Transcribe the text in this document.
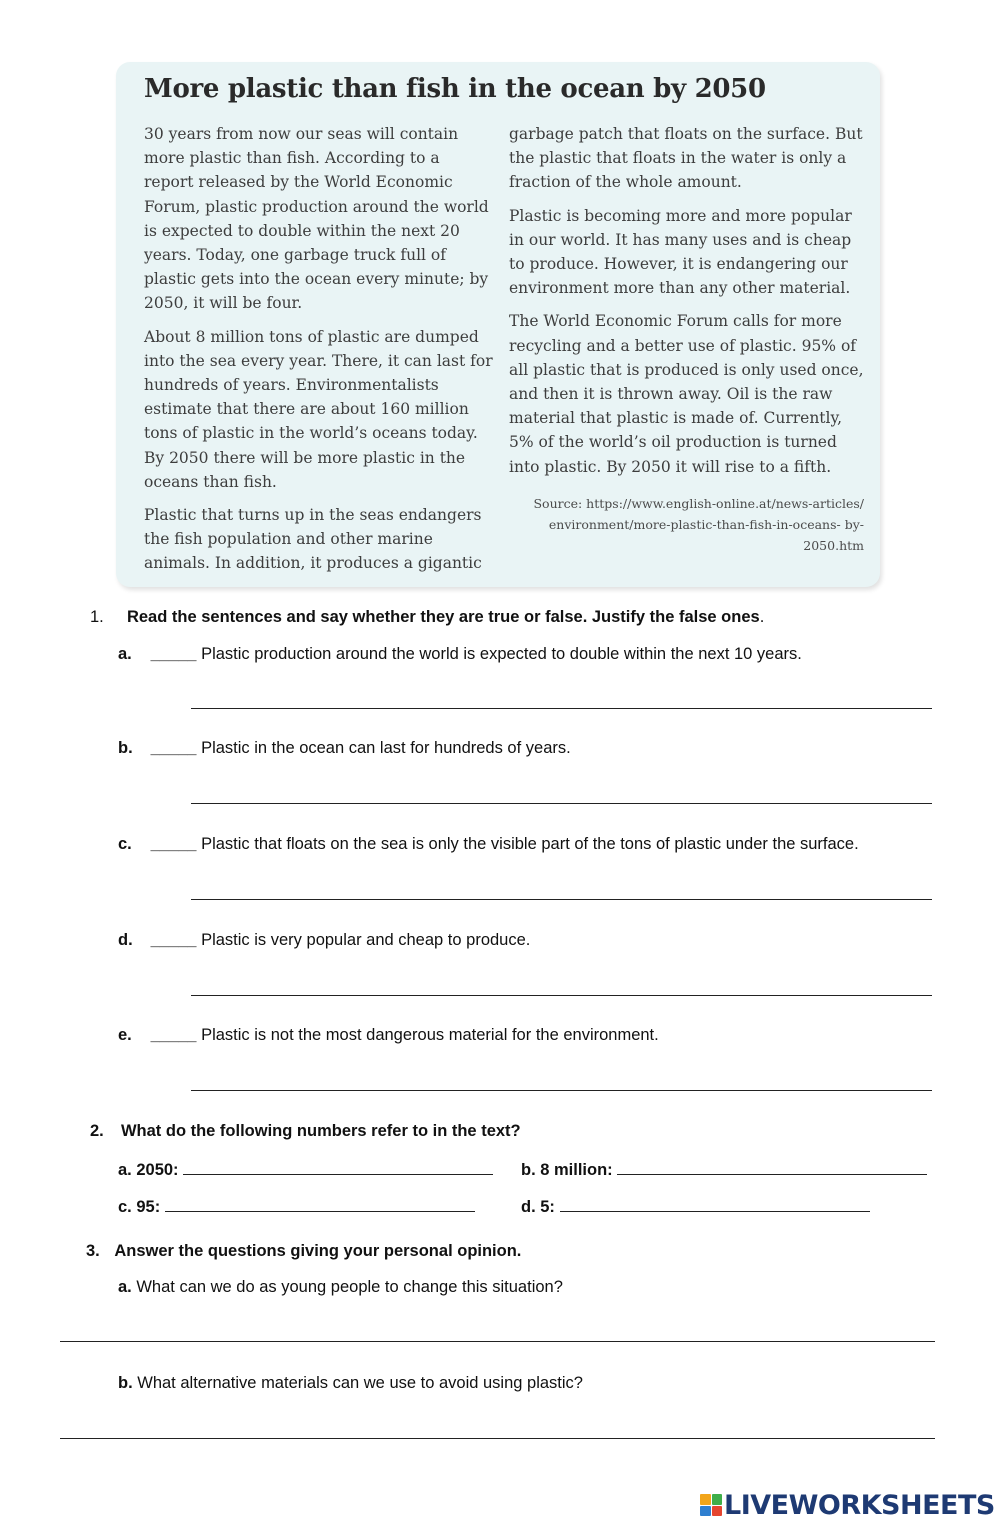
More plastic than fish in the ocean by 2050

30 years from now our seas will contain more plastic than fish. According to a report released by the World Economic Forum, plastic production around the world is expected to double within the next 20 years. Today, one garbage truck full of plastic gets into the ocean every minute; by 2050, it will be four.

About 8 million tons of plastic are dumped into the sea every year. There, it can last for hundreds of years. Environmentalists estimate that there are about 160 million tons of plastic in the world’s oceans today. By 2050 there will be more plastic in the oceans than fish.

Plastic that turns up in the seas endangers the fish population and other marine animals. In addition, it produces a gigantic

garbage patch that floats on the surface. But the plastic that floats in the water is only a fraction of the whole amount.

Plastic is becoming more and more popular in our world. It has many uses and is cheap to produce. However, it is endangering our environment more than any other material.

The World Economic Forum calls for more recycling and a better use of plastic. 95% of all plastic that is produced is only used once, and then it is thrown away. Oil is the raw material that plastic is made of. Currently, 5% of the world’s oil production is turned into plastic. By 2050 it will rise to a fifth.

Source: https://www.english-online.at/news-articles/ environment/more-plastic-than-fish-in-oceans- by-2050.htm

1. Read the sentences and say whether they are true or false. Justify the false ones.
a. _____ Plastic production around the world is expected to double within the next 10 years.
b. _____ Plastic in the ocean can last for hundreds of years.
c. _____ Plastic that floats on the sea is only the visible part of the tons of plastic under the surface.
d. _____ Plastic is very popular and cheap to produce.
e. _____ Plastic is not the most dangerous material for the environment.
2. What do the following numbers refer to in the text?
a. 2050:	b. 8 million:
c. 95:	d. 5:
3. Answer the questions giving your personal opinion.
a. What can we do as young people to change this situation?
b. What alternative materials can we use to avoid using plastic?
LIVEWORKSHEETS
